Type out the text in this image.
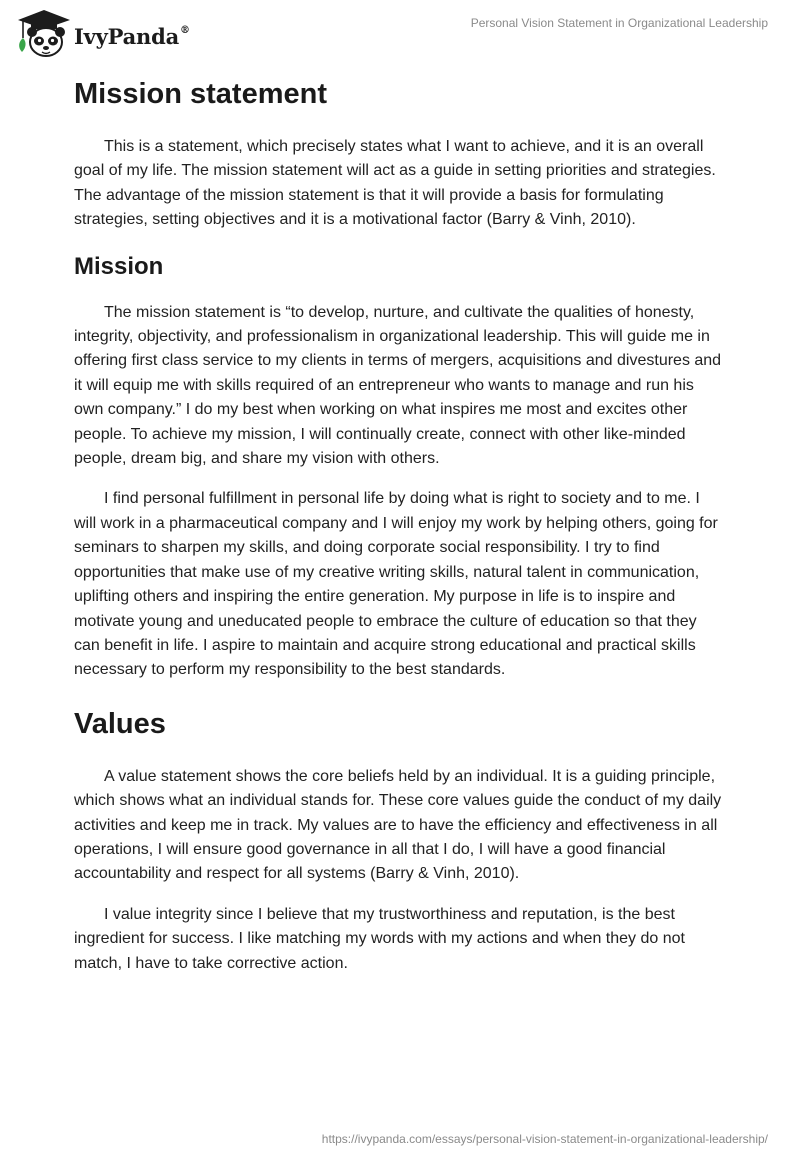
IvyPanda®	Personal Vision Statement in Organizational Leadership
Mission statement

This is a statement, which precisely states what I want to achieve, and it is an overall goal of my life. The mission statement will act as a guide in setting priorities and strategies. The advantage of the mission statement is that it will provide a basis for formulating strategies, setting objectives and it is a motivational factor (Barry & Vinh, 2010).

Mission

The mission statement is “to develop, nurture, and cultivate the qualities of honesty, integrity, objectivity, and professionalism in organizational leadership. This will guide me in offering first class service to my clients in terms of mergers, acquisitions and divestures and it will equip me with skills required of an entrepreneur who wants to manage and run his own company.” I do my best when working on what inspires me most and excites other people. To achieve my mission, I will continually create, connect with other like-minded people, dream big, and share my vision with others.

I find personal fulfillment in personal life by doing what is right to society and to me. I will work in a pharmaceutical company and I will enjoy my work by helping others, going for seminars to sharpen my skills, and doing corporate social responsibility. I try to find opportunities that make use of my creative writing skills, natural talent in communication, uplifting others and inspiring the entire generation. My purpose in life is to inspire and motivate young and uneducated people to embrace the culture of education so that they can benefit in life. I aspire to maintain and acquire strong educational and practical skills necessary to perform my responsibility to the best standards.

Values

A value statement shows the core beliefs held by an individual. It is a guiding principle, which shows what an individual stands for. These core values guide the conduct of my daily activities and keep me in track. My values are to have the efficiency and effectiveness in all operations, I will ensure good governance in all that I do, I will have a good financial accountability and respect for all systems (Barry & Vinh, 2010).

I value integrity since I believe that my trustworthiness and reputation, is the best ingredient for success. I like matching my words with my actions and when they do not match, I have to take corrective action.

https://ivypanda.com/essays/personal-vision-statement-in-organizational-leadership/
